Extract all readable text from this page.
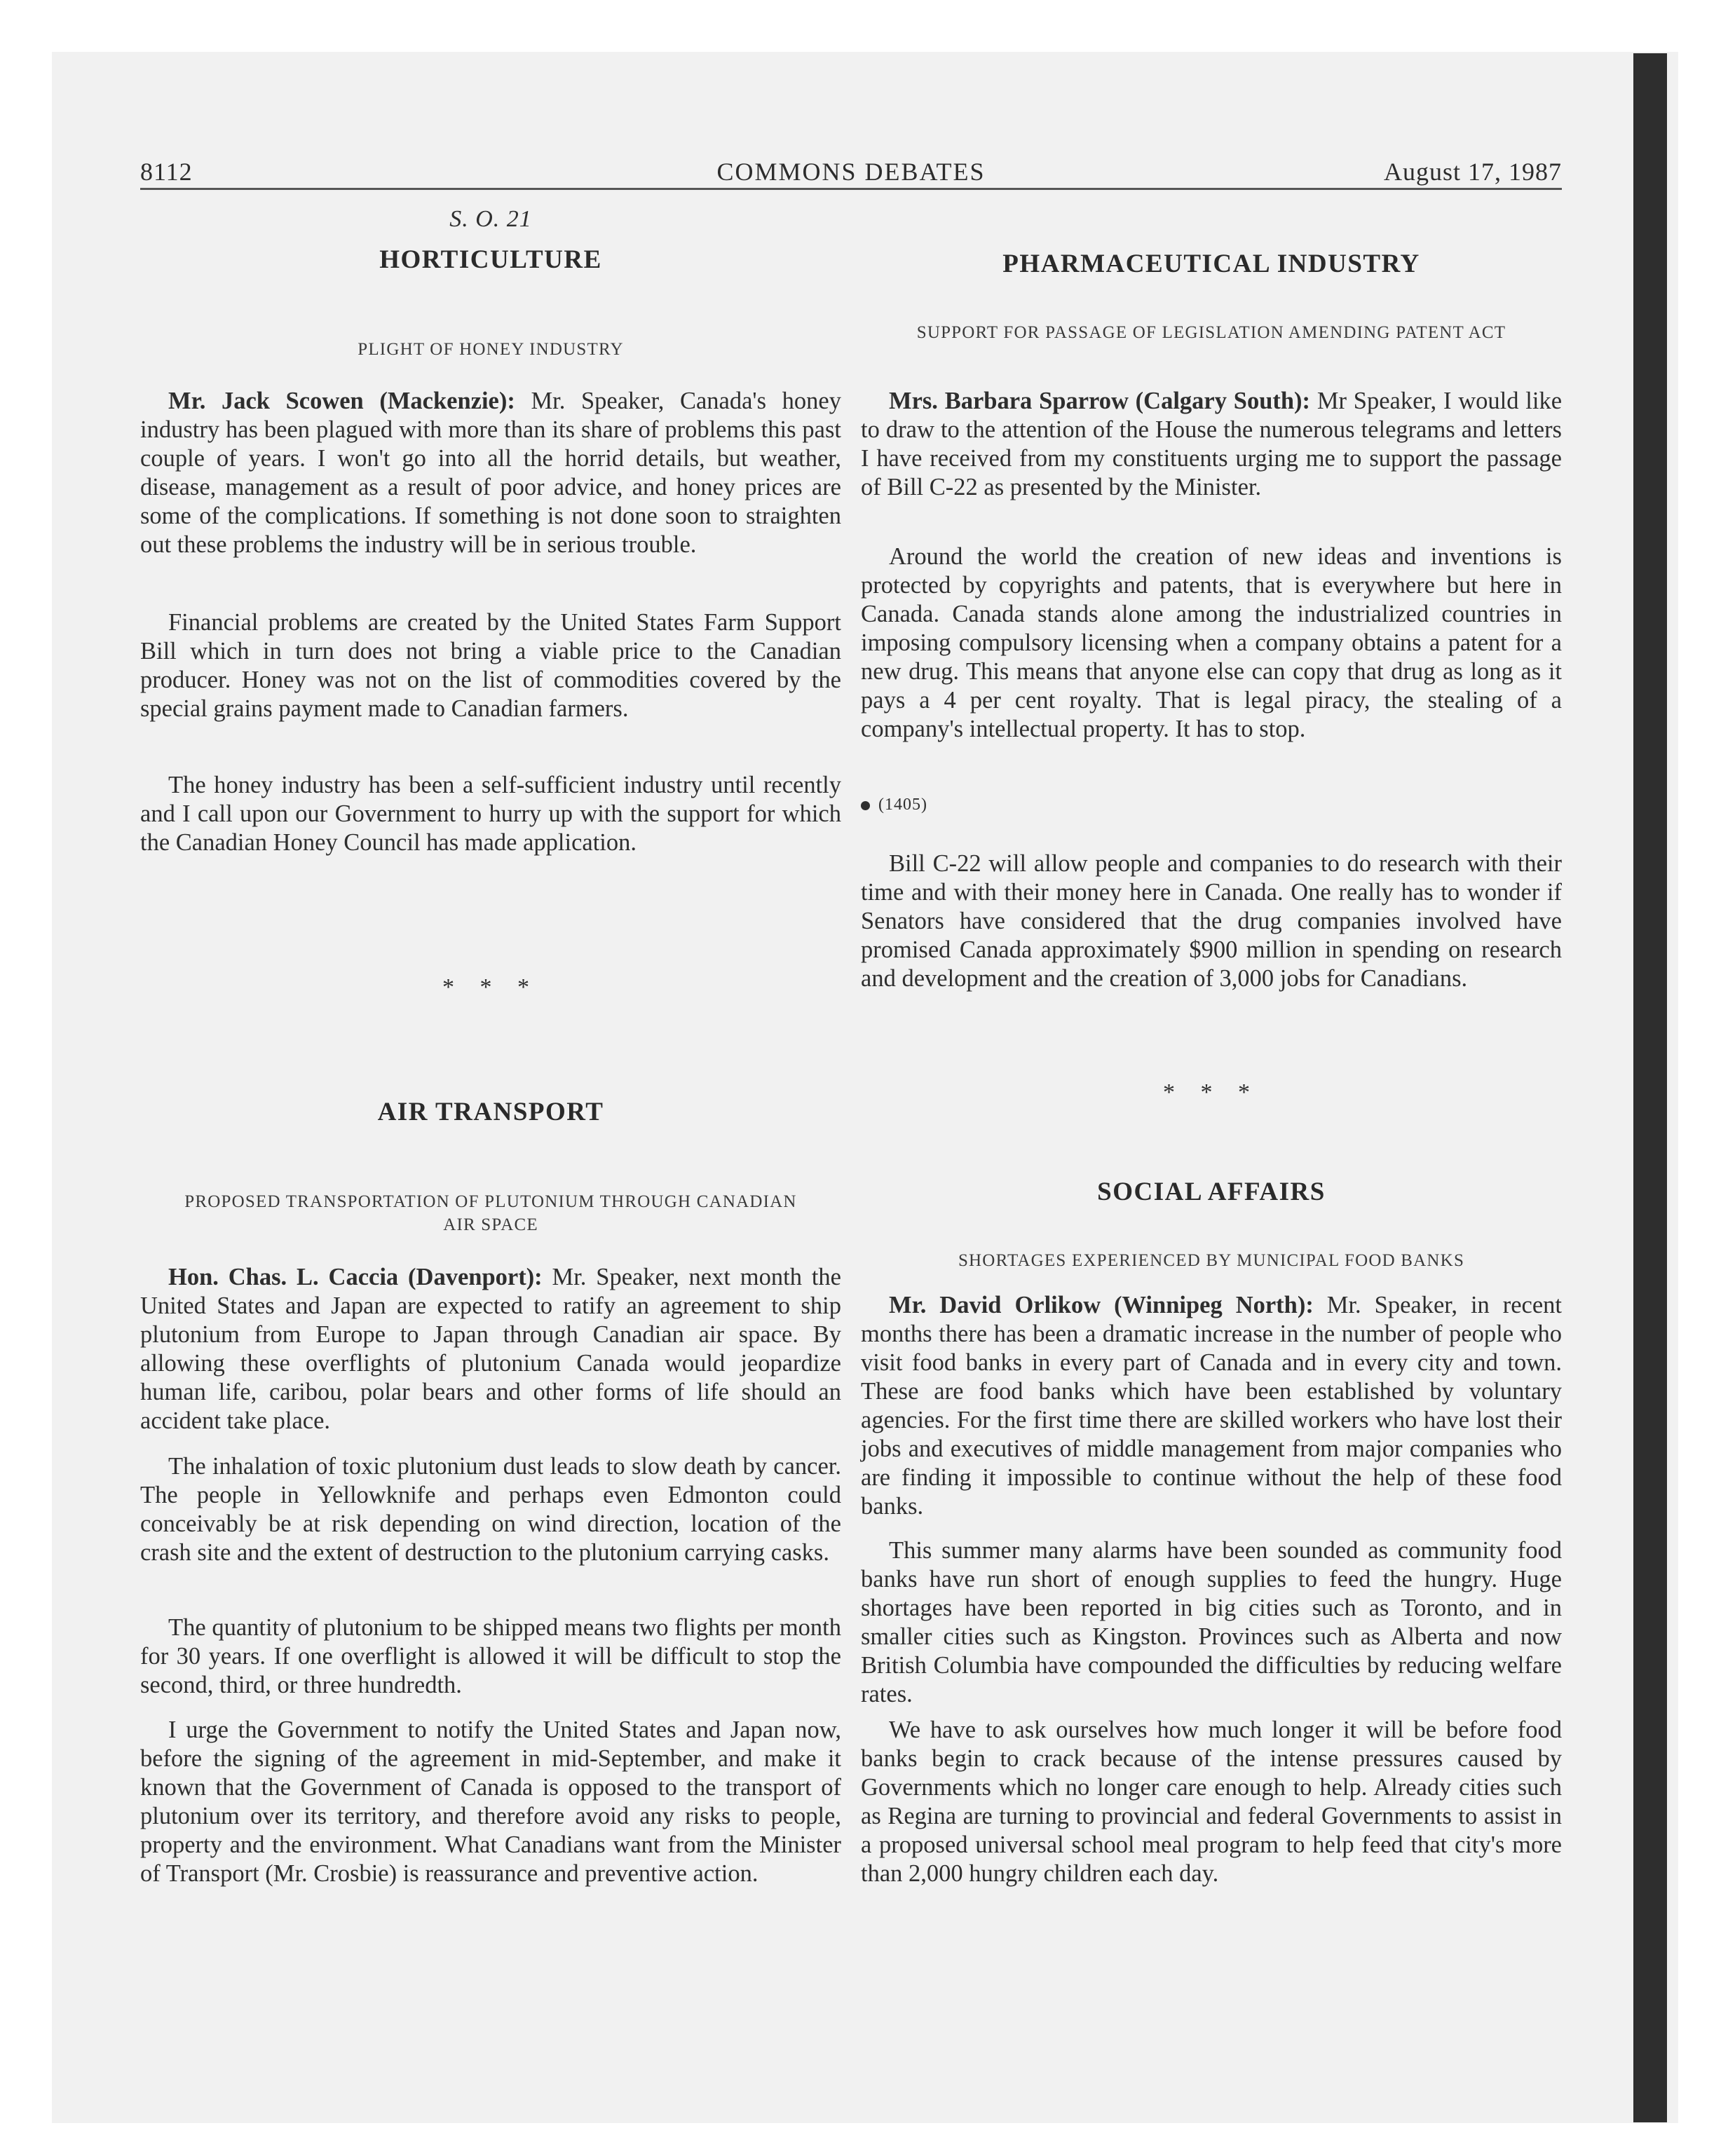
8112	COMMONS DEBATES	August 17, 1987
S. O. 21
HORTICULTURE
PLIGHT OF HONEY INDUSTRY

Mr. Jack Scowen (Mackenzie): Mr. Speaker, Canada's honey industry has been plagued with more than its share of problems this past couple of years. I won't go into all the horrid details, but weather, disease, management as a result of poor advice, and honey prices are some of the complications. If something is not done soon to straighten out these problems the industry will be in serious trouble.

Financial problems are created by the United States Farm Support Bill which in turn does not bring a viable price to the Canadian producer. Honey was not on the list of commodities covered by the special grains payment made to Canadian farmers.

The honey industry has been a self-sufficient industry until recently and I call upon our Government to hurry up with the support for which the Canadian Honey Council has made application.

* * *
AIR TRANSPORT
PROPOSED TRANSPORTATION OF PLUTONIUM THROUGH CANADIAN AIR SPACE

Hon. Chas. L. Caccia (Davenport): Mr. Speaker, next month the United States and Japan are expected to ratify an agreement to ship plutonium from Europe to Japan through Canadian air space. By allowing these overflights of plutonium Canada would jeopardize human life, caribou, polar bears and other forms of life should an accident take place.

The inhalation of toxic plutonium dust leads to slow death by cancer. The people in Yellowknife and perhaps even Edmonton could conceivably be at risk depending on wind direction, location of the crash site and the extent of destruction to the plutonium carrying casks.

The quantity of plutonium to be shipped means two flights per month for 30 years. If one overflight is allowed it will be difficult to stop the second, third, or three hundredth.

I urge the Government to notify the United States and Japan now, before the signing of the agreement in mid-September, and make it known that the Government of Canada is opposed to the transport of plutonium over its territory, and therefore avoid any risks to people, property and the environment. What Canadians want from the Minister of Transport (Mr. Crosbie) is reassurance and preventive action.

PHARMACEUTICAL INDUSTRY
SUPPORT FOR PASSAGE OF LEGISLATION AMENDING PATENT ACT

Mrs. Barbara Sparrow (Calgary South): Mr Speaker, I would like to draw to the attention of the House the numerous telegrams and letters I have received from my constituents urging me to support the passage of Bill C-22 as presented by the Minister.

Around the world the creation of new ideas and inventions is protected by copyrights and patents, that is everywhere but here in Canada. Canada stands alone among the industrialized countries in imposing compulsory licensing when a company obtains a patent for a new drug. This means that anyone else can copy that drug as long as it pays a 4 per cent royalty. That is legal piracy, the stealing of a company's intellectual property. It has to stop.

(1405)

Bill C-22 will allow people and companies to do research with their time and with their money here in Canada. One really has to wonder if Senators have considered that the drug companies involved have promised Canada approximately $900 million in spending on research and development and the creation of 3,000 jobs for Canadians.

* * *
SOCIAL AFFAIRS
SHORTAGES EXPERIENCED BY MUNICIPAL FOOD BANKS

Mr. David Orlikow (Winnipeg North): Mr. Speaker, in recent months there has been a dramatic increase in the number of people who visit food banks in every part of Canada and in every city and town. These are food banks which have been established by voluntary agencies. For the first time there are skilled workers who have lost their jobs and executives of middle management from major companies who are finding it impossible to continue without the help of these food banks.

This summer many alarms have been sounded as community food banks have run short of enough supplies to feed the hungry. Huge shortages have been reported in big cities such as Toronto, and in smaller cities such as Kingston. Provinces such as Alberta and now British Columbia have compounded the difficulties by reducing welfare rates.

We have to ask ourselves how much longer it will be before food banks begin to crack because of the intense pressures caused by Governments which no longer care enough to help. Already cities such as Regina are turning to provincial and federal Governments to assist in a proposed universal school meal program to help feed that city's more than 2,000 hungry children each day.
